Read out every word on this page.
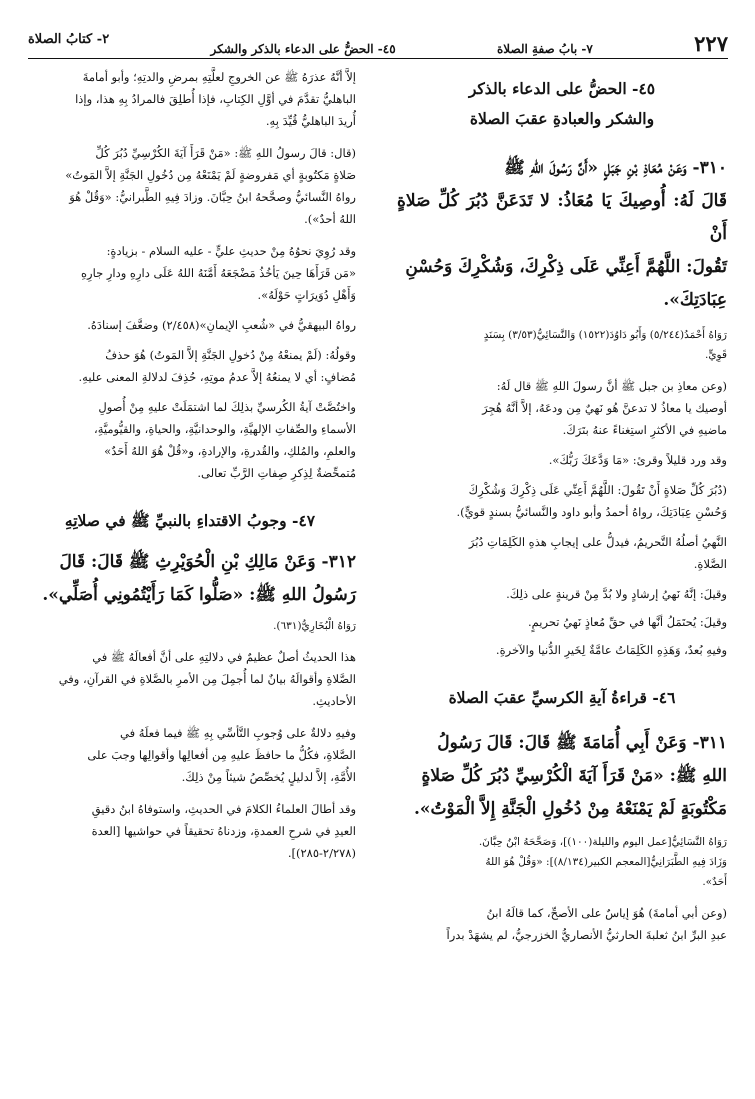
٢٢٧
٧- بابُ صفةِ الصلاة
٤٥- الحضُّ على الدعاء بالذكر والشكر
٢- كتابُ الصلاة
٤٥- الحضُّ على الدعاء بالذكر
والشكر والعبادةِ عقبَ الصلاة
٣١٠- وَعَنْ مُعَاذِ بْنِ جَبَلٍ «أَنَّ رَسُولَ اللهِ ﷺ
قَالَ لَهُ: أُوصِيكَ يَا مُعَاذُ: لا تَدَعَنَّ دُبُرَ كُلِّ صَلاةٍ أَنْ
تَقُولَ: اللَّهُمَّ أَعِنِّي عَلَى ذِكْرِكَ، وَشُكْرِكَ وَحُسْنِ
عِبَادَتِكَ».
رَوَاهُ أَحْمَدُ(٥/٢٤٤) وَأَبُو دَاوُدَ(١٥٢٢) وَالنَّسَائِيُّ(٣/٥٣) بِسَنَدٍ
قَوِيٍّ.
(وعن معاذِ بن جبل ﷺ أنَّ رسولَ اللهِ ﷺ قال لَهُ:
أوصيك يا معاذُ لا تدعنَّ هُو نَهيٌ مِن ودعَهُ، إلاَّ أنَّهُ هُجِرَ
ماضيهِ في الأكثرِ استِغناءً عنهُ بتَرَكَ.
وقد ورد قليلاً وقرئ: «مَا وَدَّعَكَ رَبُّكَ».
(دُبُرَ كُلِّ صَلاةٍ أَنْ تَقُولَ: اللَّهُمَّ أَعِنِّي عَلَى ذِكْرِكَ وَشُكْرِكَ
وَحُسْنِ عِبَادَتِكَ، رواهُ أحمدُ وأبو داود والنَّسائيُّ بسندٍ قويٍّ).
النَّهيُ أصلُهُ التَّحريمُ، فيدلُّ على إيجابِ هذهِ الكَلِمَاتِ دُبُرَ
الصَّلاةِ.
وقيلَ: إنَّهُ نَهيُ إرشادٍ ولا بُدَّ مِنْ قرينةٍ على ذلِكَ.
وقيلَ: يُحتَمَلُ أنَّها في حقِّ مُعاذٍ نَهيُ تحريمٍ.
وفيهِ بُعدٌ، وَهَذِهِ الكَلِمَاتُ عامَّةٌ لِخَيرِ الدُّنيا والآخرةِ.
٤٦- قراءةُ آيةِ الكرسيِّ عقبَ الصلاة
٣١١- وَعَنْ أَبِي أُمَامَةَ ﷺ قَالَ: قَالَ رَسُولُ
اللهِ ﷺ: «مَنْ قَرَأَ آيَةَ الْكُرْسِيِّ دُبُرَ كُلِّ صَلاةٍ
مَكْتُوبَةٍ لَمْ يَمْنَعْهُ مِنْ دُخُولِ الْجَنَّةِ إِلاَّ الْمَوْتُ».
رَوَاهُ النَّسَائِيُّ[عمل اليوم والليلة(١٠٠)]، وَصَحَّحَهُ ابْنُ حِبَّانَ.
وَزَادَ فِيهِ الطَّبَرَانِيُّ[المعجم الكبير(٨/١٣٤)]: «وَقُلْ هُوَ اللهُ
أَحَدٌ».
(وعن أبي أمامةَ) هُوَ إياسٌ على الأصحِّ، كما قالَهُ ابنُ
عبدِ البرِّ ابنُ ثعلبةَ الحارثيُّ الأنصاريُّ الخزرجيُّ، لم يشهَدْ بدراً
إلاَّ أنَّهُ عذرَهُ ﷺ عن الخروجِ لعلَّتِهِ بمرضِ والدتِهِ؛ وأبو أمامةَ
الباهليُّ تقدَّمَ في أوَّلِ الكِتابِ، فإذا أُطلِقَ فالمرادُ بِهِ هذا، وإذا
أُريدَ الباهليُّ قُيِّدَ بِهِ.
(قال: قالَ رسولُ اللهِ ﷺ: «مَنْ قَرَأَ آيَةَ الكُرْسِيِّ دُبُرَ كُلِّ
صَلاةٍ مَكتُوبةٍ أي مَفروضةٍ لَمْ يَمْنَعْهُ مِن دُخُولِ الجَنَّةِ إلاَّ المَوتُ»
رواهُ النَّسائيُّ وصحَّحهُ ابنُ حِبَّانَ. وزادَ فِيهِ الطَّبرانيُّ: «وَقُلْ هُوَ
اللهُ أحدٌ»).
وقد رُوِيَ نحوُهُ مِنْ حديثِ عليٍّ - عليه السلام - بزيادةٍ:
«مَن قَرَأَهَا حِينَ يَأخُذُ مَضْجَعَهُ أَمَّنَهُ اللهُ عَلَى دارِهِ ودارِ جارِهِ
وَأَهْلِ دُوَيرَاتٍ حَوْلَهُ».
رواهُ البيهقيُّ في «شُعبِ الإيمانِ»(٢/٤٥٨) وضعَّفَ إسنادَهُ.
وقولُهُ: (لَمْ يمنعْهُ مِنْ دُخولِ الجَنَّةِ إلاَّ المَوتُ) هُوَ حذفُ
مُضافٍ: أي لا يمنعُهُ إلاَّ عدمُ موتِهِ، حُذِفَ لدلالةِ المعنى عليهِ.
واختُصَّتْ آيةُ الكُرسيِّ بذلِكَ لما اشتمَلَتْ عليهِ مِنْ أُصولِ
الأسماءِ والصِّفاتِ الإلهيَّةِ، والوحدانيَّةِ، والحياةِ، والقيُّوميَّةِ،
والعلمِ، والمُلكِ، والقُدرةِ، والإرادةِ، و«قُلْ هُوَ اللهُ أَحَدٌ»
مُتمحِّضةٌ لِذِكرِ صِفاتِ الرَّبِّ تعالى.
٤٧- وجوبُ الاقتداءِ بالنبيِّ ﷺ في صلاتِهِ
٣١٢- وَعَنْ مَالِكِ بْنِ الْحُوَيْرِثِ ﷺ قَالَ: قَالَ
رَسُولُ اللهِ ﷺ: «صَلُّوا كَمَا رَأَيْتُمُونِي أُصَلِّي».
رَوَاهُ الْبُخَارِيُّ(٦٣١).
هذا الحديثُ أصلٌ عظيمٌ في دلالتِهِ على أنَّ أفعالَهُ ﷺ في
الصَّلاةِ وأقوالَهُ بيانٌ لما أُجمِلَ مِن الأمرِ بالصَّلاةِ في القرآنِ، وفي
الأحاديثِ.
وفيهِ دلالةٌ على وُجوبِ التَّأسِّي بِهِ ﷺ فيما فعلَهُ في
الصَّلاةِ، فكُلُّ ما حافظَ عليهِ مِن أفعالِها وأقوالِها وجبَ على
الأُمَّةِ، إلاَّ لدليلٍ يُخصِّصُ شيئاً مِنْ ذلِكَ.
وقد أطالَ العلماءُ الكلامَ في الحديثِ، واستوفاهُ ابنُ دقيقِ
العيدِ في شرحِ العمدةِ، وزدناهُ تحقيقاً في حواشيها [العدة
(٢/٢٧٨-٢٨٥)].
